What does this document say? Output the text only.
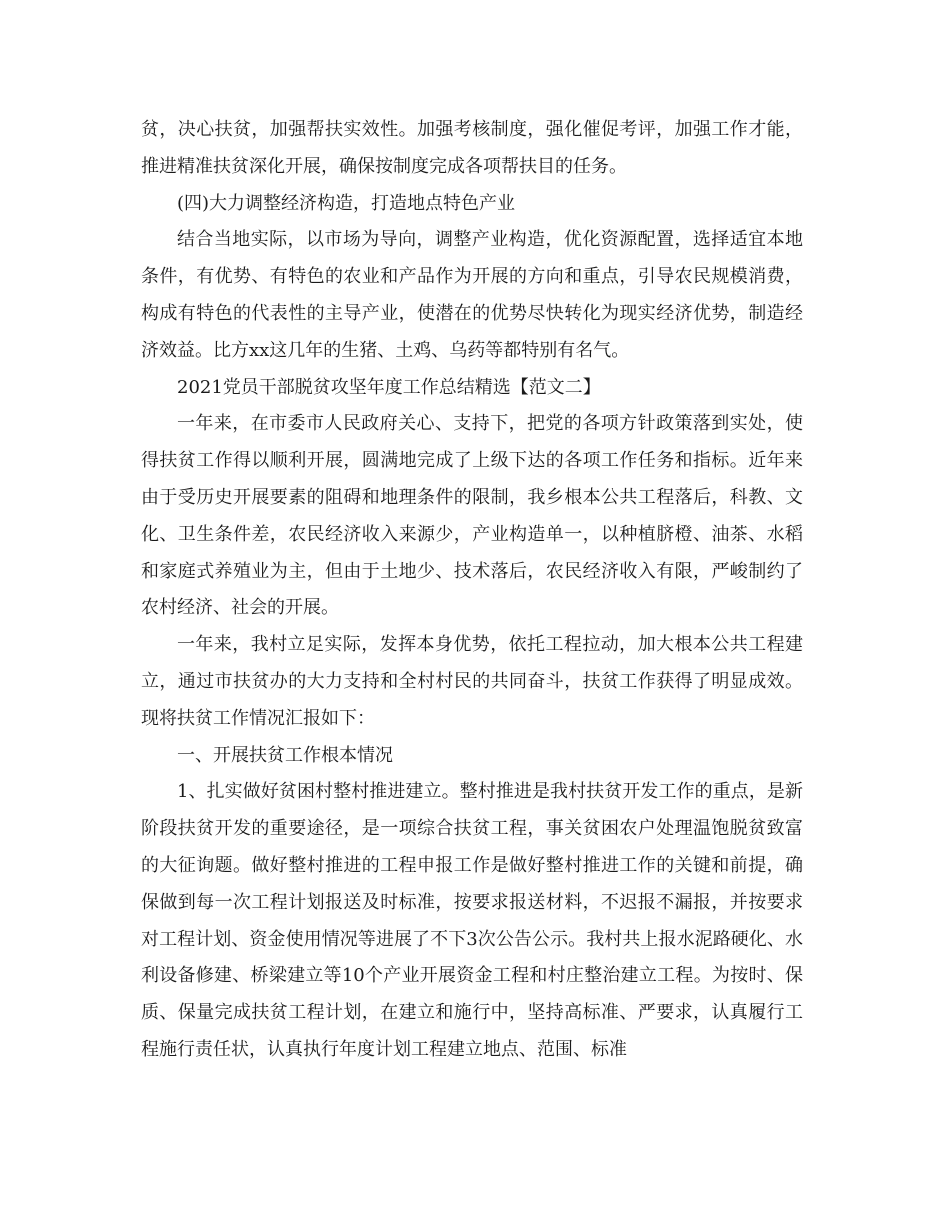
贫，决心扶贫，加强帮扶实效性。加强考核制度，强化催促考评，加强工作才能，推进精准扶贫深化开展，确保按制度完成各项帮扶目的任务。

(四)大力调整经济构造，打造地点特色产业

结合当地实际，以市场为导向，调整产业构造，优化资源配置，选择适宜本地条件，有优势、有特色的农业和产品作为开展的方向和重点，引导农民规模消费，构成有特色的代表性的主导产业，使潜在的优势尽快转化为现实经济优势，制造经济效益。比方xx这几年的生猪、土鸡、乌药等都特别有名气。

2021党员干部脱贫攻坚年度工作总结精选【范文二】

一年来，在市委市人民政府关心、支持下，把党的各项方针政策落到实处，使得扶贫工作得以顺利开展，圆满地完成了上级下达的各项工作任务和指标。近年来由于受历史开展要素的阻碍和地理条件的限制，我乡根本公共工程落后，科教、文化、卫生条件差，农民经济收入来源少，产业构造单一，以种植脐橙、油茶、水稻和家庭式养殖业为主，但由于土地少、技术落后，农民经济收入有限，严峻制约了农村经济、社会的开展。

一年来，我村立足实际，发挥本身优势，依托工程拉动，加大根本公共工程建立，通过市扶贫办的大力支持和全村村民的共同奋斗，扶贫工作获得了明显成效。现将扶贫工作情况汇报如下：

一、开展扶贫工作根本情况

1、扎实做好贫困村整村推进建立。整村推进是我村扶贫开发工作的重点，是新阶段扶贫开发的重要途径，是一项综合扶贫工程，事关贫困农户处理温饱脱贫致富的大征询题。做好整村推进的工程申报工作是做好整村推进工作的关键和前提，确保做到每一次工程计划报送及时标准，按要求报送材料，不迟报不漏报，并按要求对工程计划、资金使用情况等进展了不下3次公告公示。我村共上报水泥路硬化、水利设备修建、桥梁建立等10个产业开展资金工程和村庄整治建立工程。为按时、保质、保量完成扶贫工程计划，在建立和施行中，坚持高标准、严要求，认真履行工程施行责任状，认真执行年度计划工程建立地点、范围、标准
